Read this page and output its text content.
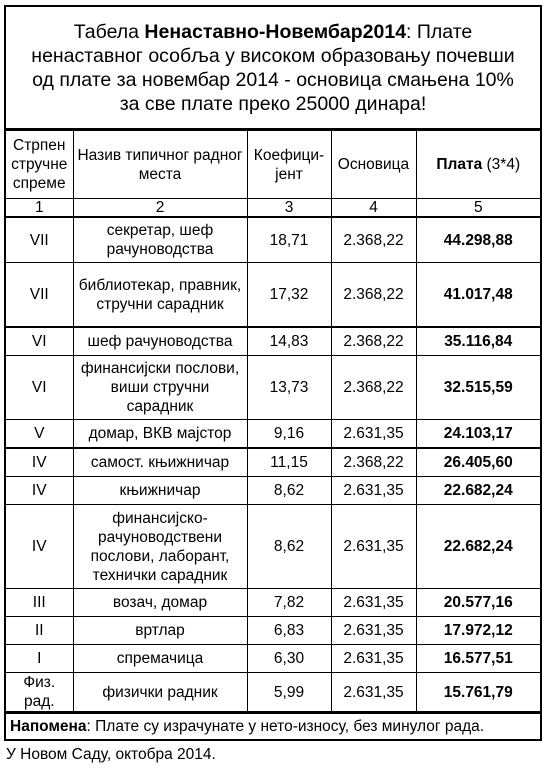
Табела Ненаставно-Новембар2014: Плате ненаставног особља у високом образовању почевши од плате за новембар 2014 - основица смањена 10% за све плате преко 25000 динара!
Стрпен стручне спреме	Назив типичног радног места	Коефици- јент	Основица	Плата (3*4)
1	2	3	4	5
VII	секретар, шеф рачуноводства	18,71	2.368,22	44.298,88
VII	библиотекар, правник, стручни сарадник	17,32	2.368,22	41.017,48
VI	шеф рачуноводства	14,83	2.368,22	35.116,84
VI	финансијски послови, виши стручни сарадник	13,73	2.368,22	32.515,59
V	домар, ВКВ мајстор	9,16	2.631,35	24.103,17
IV	самост. књижничар	11,15	2.368,22	26.405,60
IV	књижничар	8,62	2.631,35	22.682,24
IV	финансијско-рачуноводствени послови, лаборант, технички сарадник	8,62	2.631,35	22.682,24
III	возач, домар	7,82	2.631,35	20.577,16
II	вртлар	6,83	2.631,35	17.972,12
I	спремачица	6,30	2.631,35	16.577,51
Физ. рад.	физички радник	5,99	2.631,35	15.761,79
Напомена: Плате су израчунате у нето-износу, без минулог рада.
У Новом Саду, октобра 2014.
